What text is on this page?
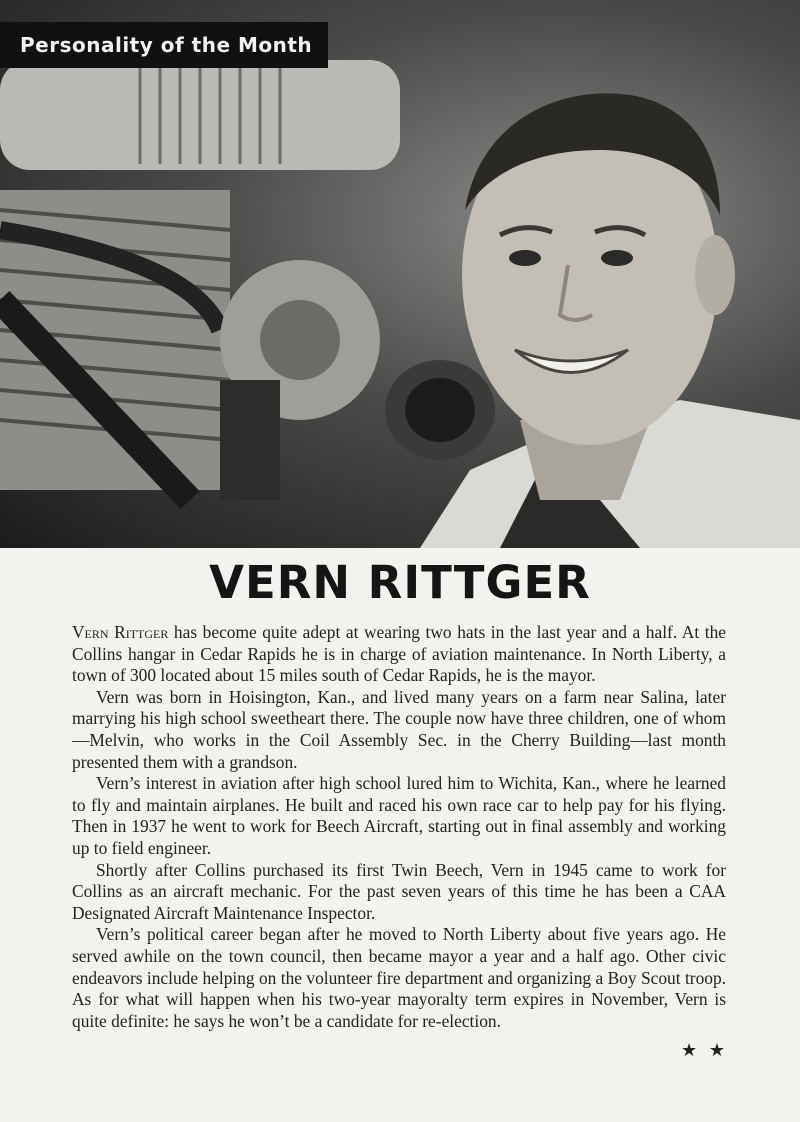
Personality of the Month
VERN RITTGER

Vern Rittger has become quite adept at wearing two hats in the last year and a half. At the Collins hangar in Cedar Rapids he is in charge of aviation maintenance. In North Liberty, a town of 300 located about 15 miles south of Cedar Rapids, he is the mayor.

Vern was born in Hoisington, Kan., and lived many years on a farm near Salina, later marrying his high school sweetheart there. The couple now have three children, one of whom—Melvin, who works in the Coil Assembly Sec. in the Cherry Building—last month presented them with a grandson.

Vern’s interest in aviation after high school lured him to Wichita, Kan., where he learned to fly and maintain airplanes. He built and raced his own race car to help pay for his flying. Then in 1937 he went to work for Beech Aircraft, starting out in final assembly and working up to field engineer.

Shortly after Collins purchased its first Twin Beech, Vern in 1945 came to work for Collins as an aircraft mechanic. For the past seven years of this time he has been a CAA Designated Aircraft Maintenance Inspector.

Vern’s political career began after he moved to North Liberty about five years ago. He served awhile on the town council, then became mayor a year and a half ago. Other civic endeavors include helping on the volunteer fire department and organizing a Boy Scout troop. As for what will happen when his two-year mayoralty term expires in November, Vern is quite definite: he says he won’t be a candidate for re-election.

★ ★
